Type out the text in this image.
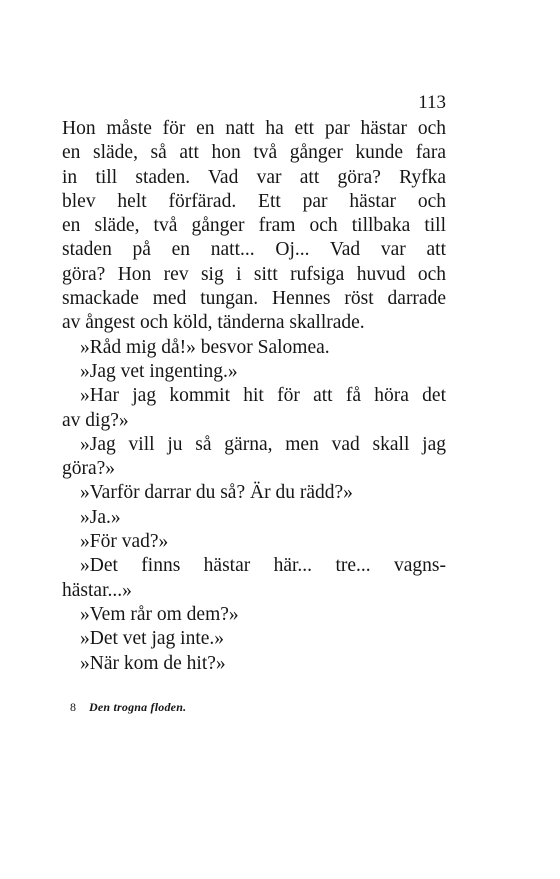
113
Hon måste för en natt ha ett par hästar och
en släde, så att hon två gånger kunde fara
in till staden. Vad var att göra? Ryfka
blev helt förfärad. Ett par hästar och
en släde, två gånger fram och tillbaka till
staden på en natt... Oj... Vad var att
göra? Hon rev sig i sitt rufsiga huvud och
smackade med tungan. Hennes röst darrade
av ångest och köld, tänderna skallrade.
»Råd mig då!» besvor Salomea.
»Jag vet ingenting.»
»Har jag kommit hit för att få höra det
av dig?»
»Jag vill ju så gärna, men vad skall jag
göra?»
»Varför darrar du så? Är du rädd?»
»Ja.»
»För vad?»
»Det finns hästar här... tre... vagns-
hästar...»
»Vem rår om dem?»
»Det vet jag inte.»
»När kom de hit?»
8 Den trogna floden.
